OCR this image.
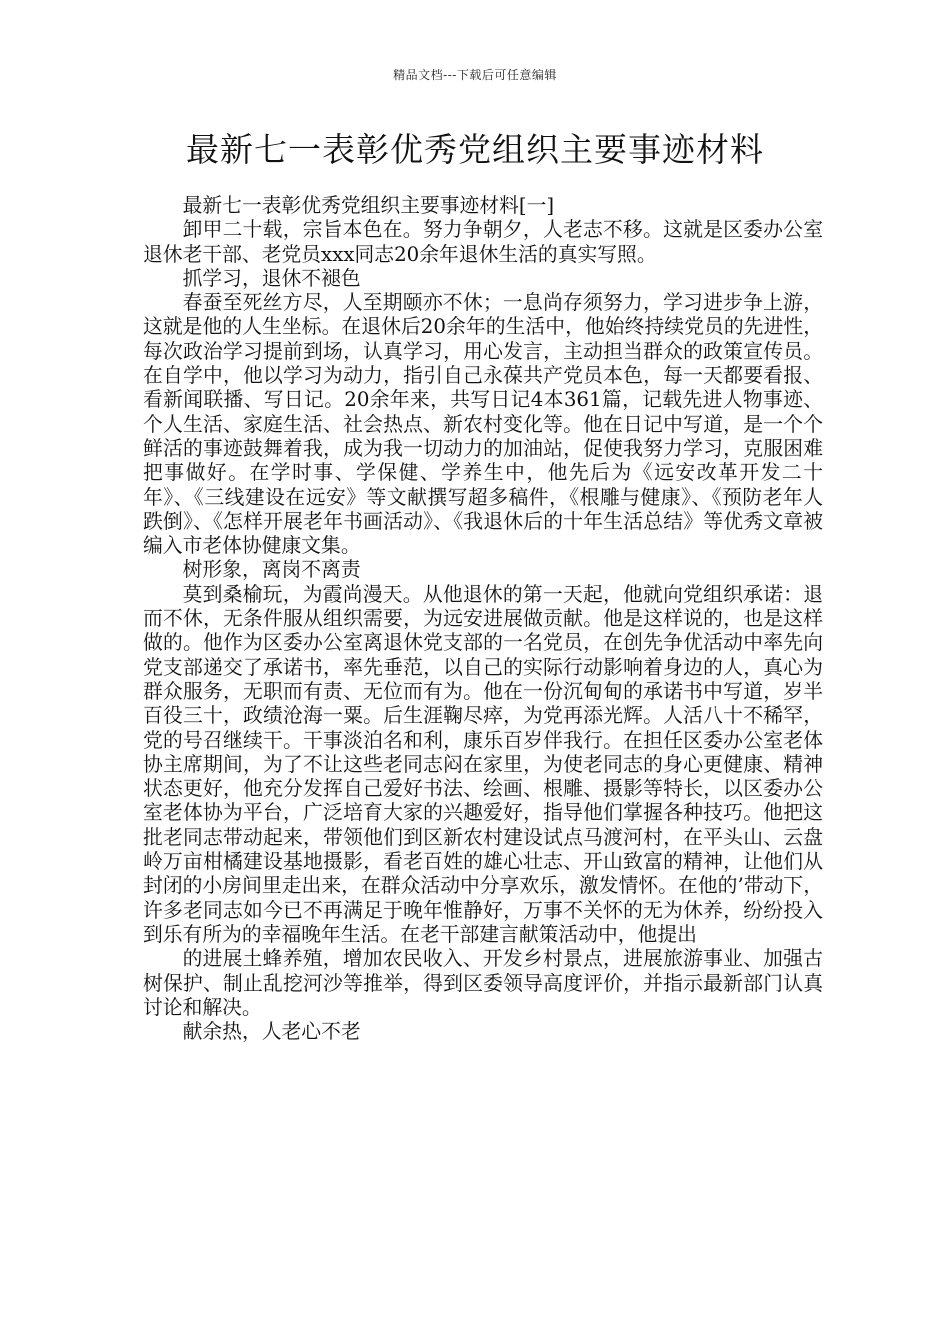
精品文档---下载后可任意编辑
最新七一表彰优秀党组织主要事迹材料

最新七一表彰优秀党组织主要事迹材料[一]

卸甲二十载，宗旨本色在。努力争朝夕，人老志不移。这就是区委办公室退休老干部、老党员xxx同志20余年退休生活的真实写照。

抓学习，退休不褪色

春蚕至死丝方尽，人至期颐亦不休；一息尚存须努力，学习进步争上游，这就是他的人生坐标。在退休后20余年的生活中，他始终持续党员的先进性，每次政治学习提前到场，认真学习，用心发言，主动担当群众的政策宣传员。在自学中，他以学习为动力，指引自己永葆共产党员本色，每一天都要看报、看新闻联播、写日记。20余年来，共写日记4本361篇，记载先进人物事迹、个人生活、家庭生活、社会热点、新农村变化等。他在日记中写道，是一个个鲜活的事迹鼓舞着我，成为我一切动力的加油站，促使我努力学习，克服困难把事做好。在学时事、学保健、学养生中，他先后为《远安改革开发二十年》、《三线建设在远安》等文献撰写超多稿件，《根雕与健康》、《预防老年人跌倒》、《怎样开展老年书画活动》、《我退休后的十年生活总结》等优秀文章被编入市老体协健康文集。

树形象，离岗不离责

莫到桑榆玩，为霞尚漫天。从他退休的第一天起，他就向党组织承诺：退而不休，无条件服从组织需要，为远安进展做贡献。他是这样说的，也是这样做的。他作为区委办公室离退休党支部的一名党员，在创先争优活动中率先向党支部递交了承诺书，率先垂范，以自己的实际行动影响着身边的人，真心为群众服务，无职而有责、无位而有为。他在一份沉甸甸的承诺书中写道，岁半百役三十，政绩沧海一粟。后生涯鞠尽瘁，为党再添光辉。人活八十不稀罕，党的号召继续干。干事淡泊名和利，康乐百岁伴我行。在担任区委办公室老体协主席期间，为了不让这些老同志闷在家里，为使老同志的身心更健康、精神状态更好，他充分发挥自己爱好书法、绘画、根雕、摄影等特长，以区委办公室老体协为平台，广泛培育大家的兴趣爱好，指导他们掌握各种技巧。他把这批老同志带动起来，带领他们到区新农村建设试点马渡河村，在平头山、云盘岭万亩柑橘建设基地摄影，看老百姓的雄心壮志、开山致富的精神，让他们从封闭的小房间里走出来，在群众活动中分享欢乐，激发情怀。在他的’带动下，许多老同志如今已不再满足于晚年惟静好，万事不关怀的无为休养，纷纷投入到乐有所为的幸福晚年生活。在老干部建言献策活动中，他提出

的进展土蜂养殖，增加农民收入、开发乡村景点，进展旅游事业、加强古树保护、制止乱挖河沙等推举，得到区委领导高度评价，并指示最新部门认真讨论和解决。

献余热，人老心不老
